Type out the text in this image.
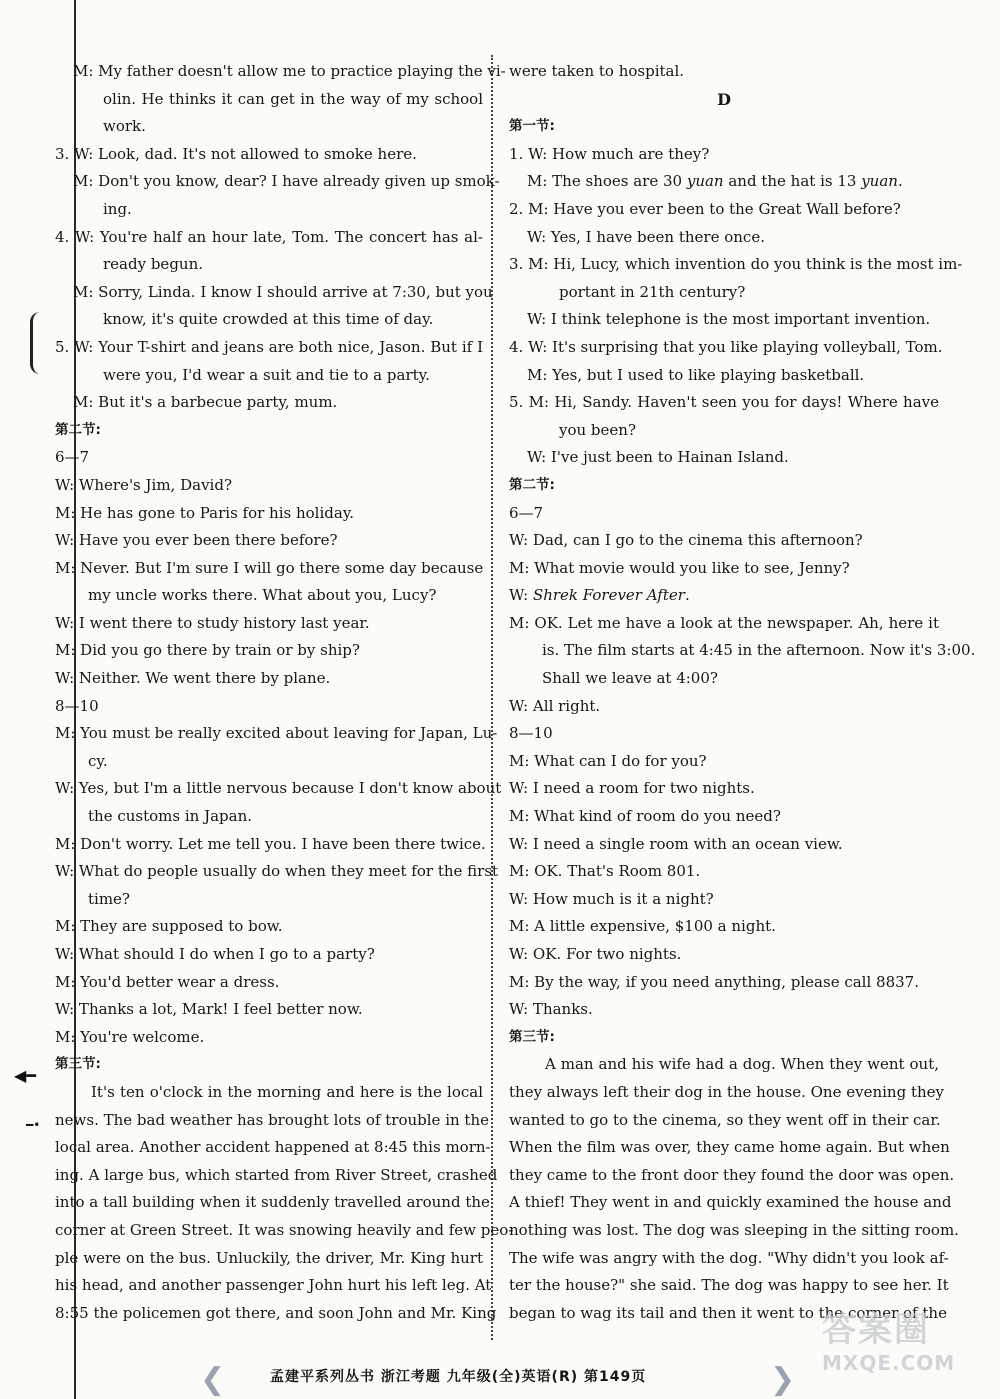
◀━
━•
M: My father doesn't allow me to practice playing the vi-
olin. He thinks it can get in the way of my school
work.
3. W: Look, dad. It's not allowed to smoke here.
M: Don't you know, dear? I have already given up smok-
ing.
4. W: You're half an hour late, Tom. The concert has al-
ready begun.
M: Sorry, Linda. I know I should arrive at 7:30, but you
know, it's quite crowded at this time of day.
5. W: Your T-shirt and jeans are both nice, Jason. But if I
were you, I'd wear a suit and tie to a party.
M: But it's a barbecue party, mum.
第二节:
6—7
W: Where's Jim, David?
M: He has gone to Paris for his holiday.
W: Have you ever been there before?
M: Never. But I'm sure I will go there some day because
my uncle works there. What about you, Lucy?
W: I went there to study history last year.
M: Did you go there by train or by ship?
W: Neither. We went there by plane.
8—10
M: You must be really excited about leaving for Japan, Lu-
cy.
W: Yes, but I'm a little nervous because I don't know about
the customs in Japan.
M: Don't worry. Let me tell you. I have been there twice.
W: What do people usually do when they meet for the first
time?
M: They are supposed to bow.
W: What should I do when I go to a party?
M: You'd better wear a dress.
W: Thanks a lot, Mark! I feel better now.
M: You're welcome.
第三节:
It's ten o'clock in the morning and here is the local
news. The bad weather has brought lots of trouble in the
local area. Another accident happened at 8:45 this morn-
ing. A large bus, which started from River Street, crashed
into a tall building when it suddenly travelled around the
corner at Green Street. It was snowing heavily and few peo-
ple were on the bus. Unluckily, the driver, Mr. King hurt
his head, and another passenger John hurt his left leg. At
8:55 the policemen got there, and soon John and Mr. King
were taken to hospital.
D
第一节:
1. W: How much are they?
M: The shoes are 30 yuan and the hat is 13 yuan.
2. M: Have you ever been to the Great Wall before?
W: Yes, I have been there once.
3. M: Hi, Lucy, which invention do you think is the most im-
portant in 21th century?
W: I think telephone is the most important invention.
4. W: It's surprising that you like playing volleyball, Tom.
M: Yes, but I used to like playing basketball.
5. M: Hi, Sandy. Haven't seen you for days! Where have
you been?
W: I've just been to Hainan Island.
第二节:
6—7
W: Dad, can I go to the cinema this afternoon?
M: What movie would you like to see, Jenny?
W: Shrek Forever After.
M: OK. Let me have a look at the newspaper. Ah, here it
is. The film starts at 4:45 in the afternoon. Now it's 3:00.
Shall we leave at 4:00?
W: All right.
8—10
M: What can I do for you?
W: I need a room for two nights.
M: What kind of room do you need?
W: I need a single room with an ocean view.
M: OK. That's Room 801.
W: How much is it a night?
M: A little expensive, $100 a night.
W: OK. For two nights.
M: By the way, if you need anything, please call 8837.
W: Thanks.
第三节:
A man and his wife had a dog. When they went out,
they always left their dog in the house. One evening they
wanted to go to the cinema, so they went off in their car.
When the film was over, they came home again. But when
they came to the front door they found the door was open.
A thief! They went in and quickly examined the house and
nothing was lost. The dog was sleeping in the sitting room.
The wife was angry with the dog. "Why didn't you look af-
ter the house?" she said. The dog was happy to see her. It
began to wag its tail and then it went to the corner of the
❮	❯
孟建平系列丛书 浙江考题 九年级(全)英语(R) 第149页
答案圈
MXQE.COM
